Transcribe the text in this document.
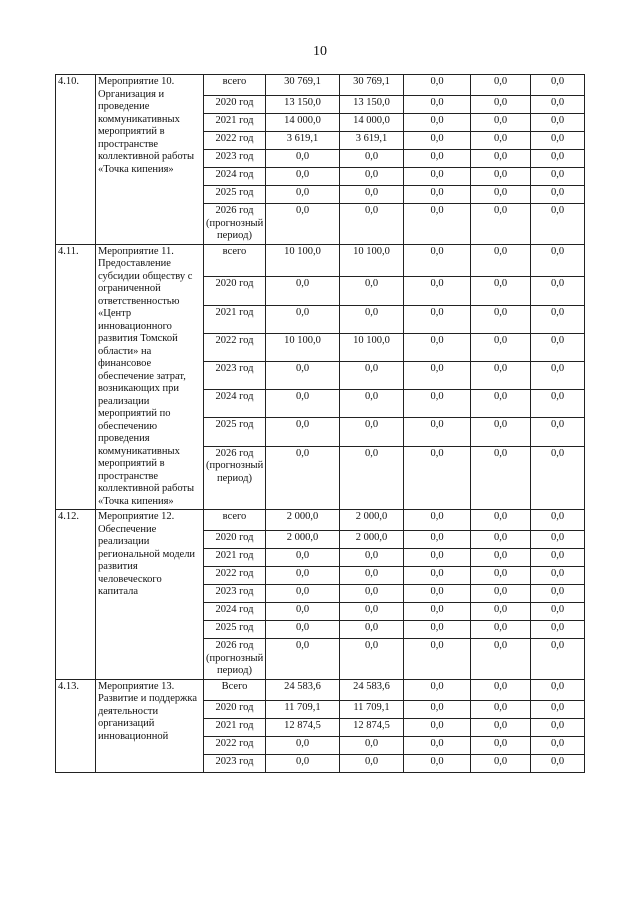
10
4.10.	Мероприятие 10. Организация и проведение коммуникативных мероприятий в пространстве коллективной работы «Точка кипения»	всего	30 769,1	30 769,1	0,0	0,0	0,0
		2020 год	13 150,0	13 150,0	0,0	0,0	0,0
		2021 год	14 000,0	14 000,0	0,0	0,0	0,0
		2022 год	3 619,1	3 619,1	0,0	0,0	0,0
		2023 год	0,0	0,0	0,0	0,0	0,0
		2024 год	0,0	0,0	0,0	0,0	0,0
		2025 год	0,0	0,0	0,0	0,0	0,0
		2026 год (прогнозный период)	0,0	0,0	0,0	0,0	0,0
4.11.	Мероприятие 11. Предоставление субсидии обществу с ограниченной ответственностью «Центр инновационного развития Томской области» на финансовое обеспечение затрат, возникающих при реализации мероприятий по обеспечению проведения коммуникативных мероприятий в пространстве коллективной работы «Точка кипения»	всего	10 100,0	10 100,0	0,0	0,0	0,0
		2020 год	0,0	0,0	0,0	0,0	0,0
		2021 год	0,0	0,0	0,0	0,0	0,0
		2022 год	10 100,0	10 100,0	0,0	0,0	0,0
		2023 год	0,0	0,0	0,0	0,0	0,0
		2024 год	0,0	0,0	0,0	0,0	0,0
		2025 год	0,0	0,0	0,0	0,0	0,0
		2026 год (прогнозный период)	0,0	0,0	0,0	0,0	0,0
4.12.	Мероприятие 12. Обеспечение реализации региональной модели развития человеческого капитала	всего	2 000,0	2 000,0	0,0	0,0	0,0
		2020 год	2 000,0	2 000,0	0,0	0,0	0,0
		2021 год	0,0	0,0	0,0	0,0	0,0
		2022 год	0,0	0,0	0,0	0,0	0,0
		2023 год	0,0	0,0	0,0	0,0	0,0
		2024 год	0,0	0,0	0,0	0,0	0,0
		2025 год	0,0	0,0	0,0	0,0	0,0
		2026 год (прогнозный период)	0,0	0,0	0,0	0,0	0,0
4.13.	Мероприятие 13. Развитие и поддержка деятельности организаций инновационной	Всего	24 583,6	24 583,6	0,0	0,0	0,0
		2020 год	11 709,1	11 709,1	0,0	0,0	0,0
		2021 год	12 874,5	12 874,5	0,0	0,0	0,0
		2022 год	0,0	0,0	0,0	0,0	0,0
		2023 год	0,0	0,0	0,0	0,0	0,0
